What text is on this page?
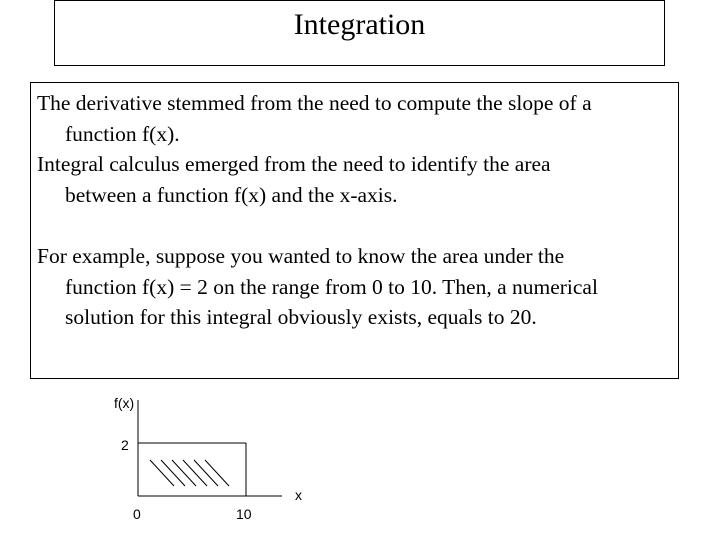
Integration

The derivative stemmed from the need to compute the slope of a
function f(x).

Integral calculus emerged from the need to identify the area
between a function f(x) and the x-axis.

For example, suppose you wanted to know the area under the
function f(x) = 2 on the range from 0 to 10. Then, a numerical
solution for this integral obviously exists, equals to 20.

f(x)
2
x
0	10
